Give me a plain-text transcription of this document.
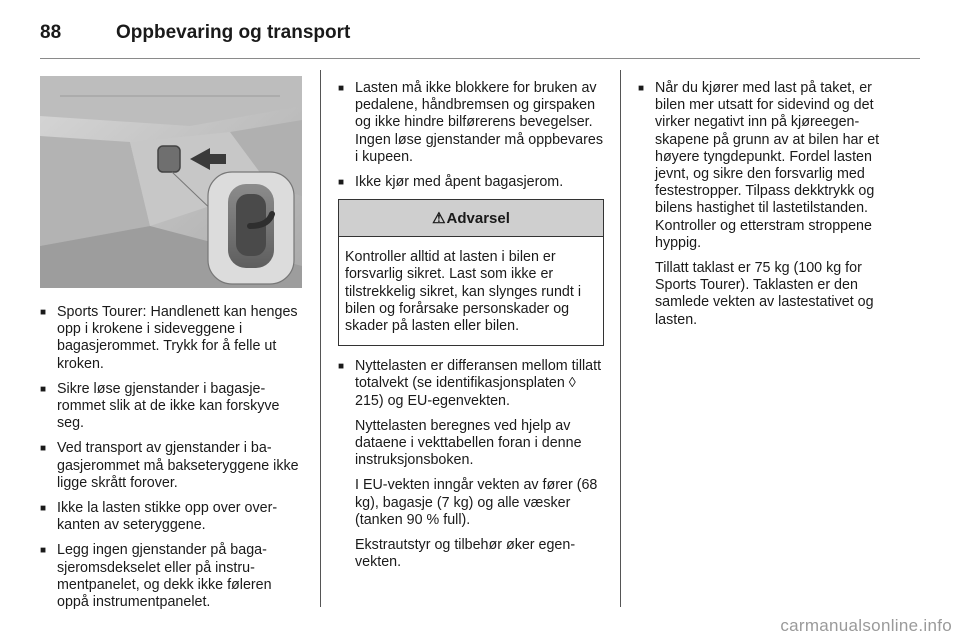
88	Oppbevaring og transport
■ Sports Tourer: Handlenett kan henges opp i krokene i sideveggene i bagasjerommet. Trykk for å felle ut kroken.
■ Sikre løse gjenstander i bagasjerommet slik at de ikke kan forskyve seg.
■ Ved transport av gjenstander i bagasjerommet må bakseteryggene ikke ligge skrått forover.
■ Ikke la lasten stikke opp over overkanten av seteryggene.
■ Legg ingen gjenstander på bagasjeromsdekselet eller på instrumentpanelet, og dekk ikke føleren oppå instrumentpanelet.
■ Lasten må ikke blokkere for bruken av pedalene, håndbremsen og girspaken og ikke hindre bilførerens bevegelser. Ingen løse gjenstander må oppbevares i kupeen.
■ Ikke kjør med åpent bagasjerom.
⚠ Advarsel
Kontroller alltid at lasten i bilen er forsvarlig sikret. Last som ikke er tilstrekkelig sikret, kan slynges rundt i bilen og forårsake personskader og skader på lasten eller bilen.
■ Nyttelasten er differansen mellom tillatt totalvekt (se identifikasjonsplaten ◊ 215) og EU-egenvekten.

Nyttelasten beregnes ved hjelp av dataene i vekttabellen foran i denne instruksjonsboken.

I EU-vekten inngår vekten av fører (68 kg), bagasje (7 kg) og alle væsker (tanken 90 % full).

Ekstrautstyr og tilbehør øker egenvekten.

■ Når du kjører med last på taket, er bilen mer utsatt for sidevind og det virker negativt inn på kjøreegenskapene på grunn av at bilen har et høyere tyngdepunkt. Fordel lasten jevnt, og sikre den forsvarlig med festestropper. Tilpass dekktrykk og bilens hastighet til lastetilstanden. Kontroller og etterstram stroppene hyppig.

Tillatt taklast er 75 kg (100 kg for Sports Tourer). Taklasten er den samlede vekten av lastestativet og lasten.

carmanualsonline.info
